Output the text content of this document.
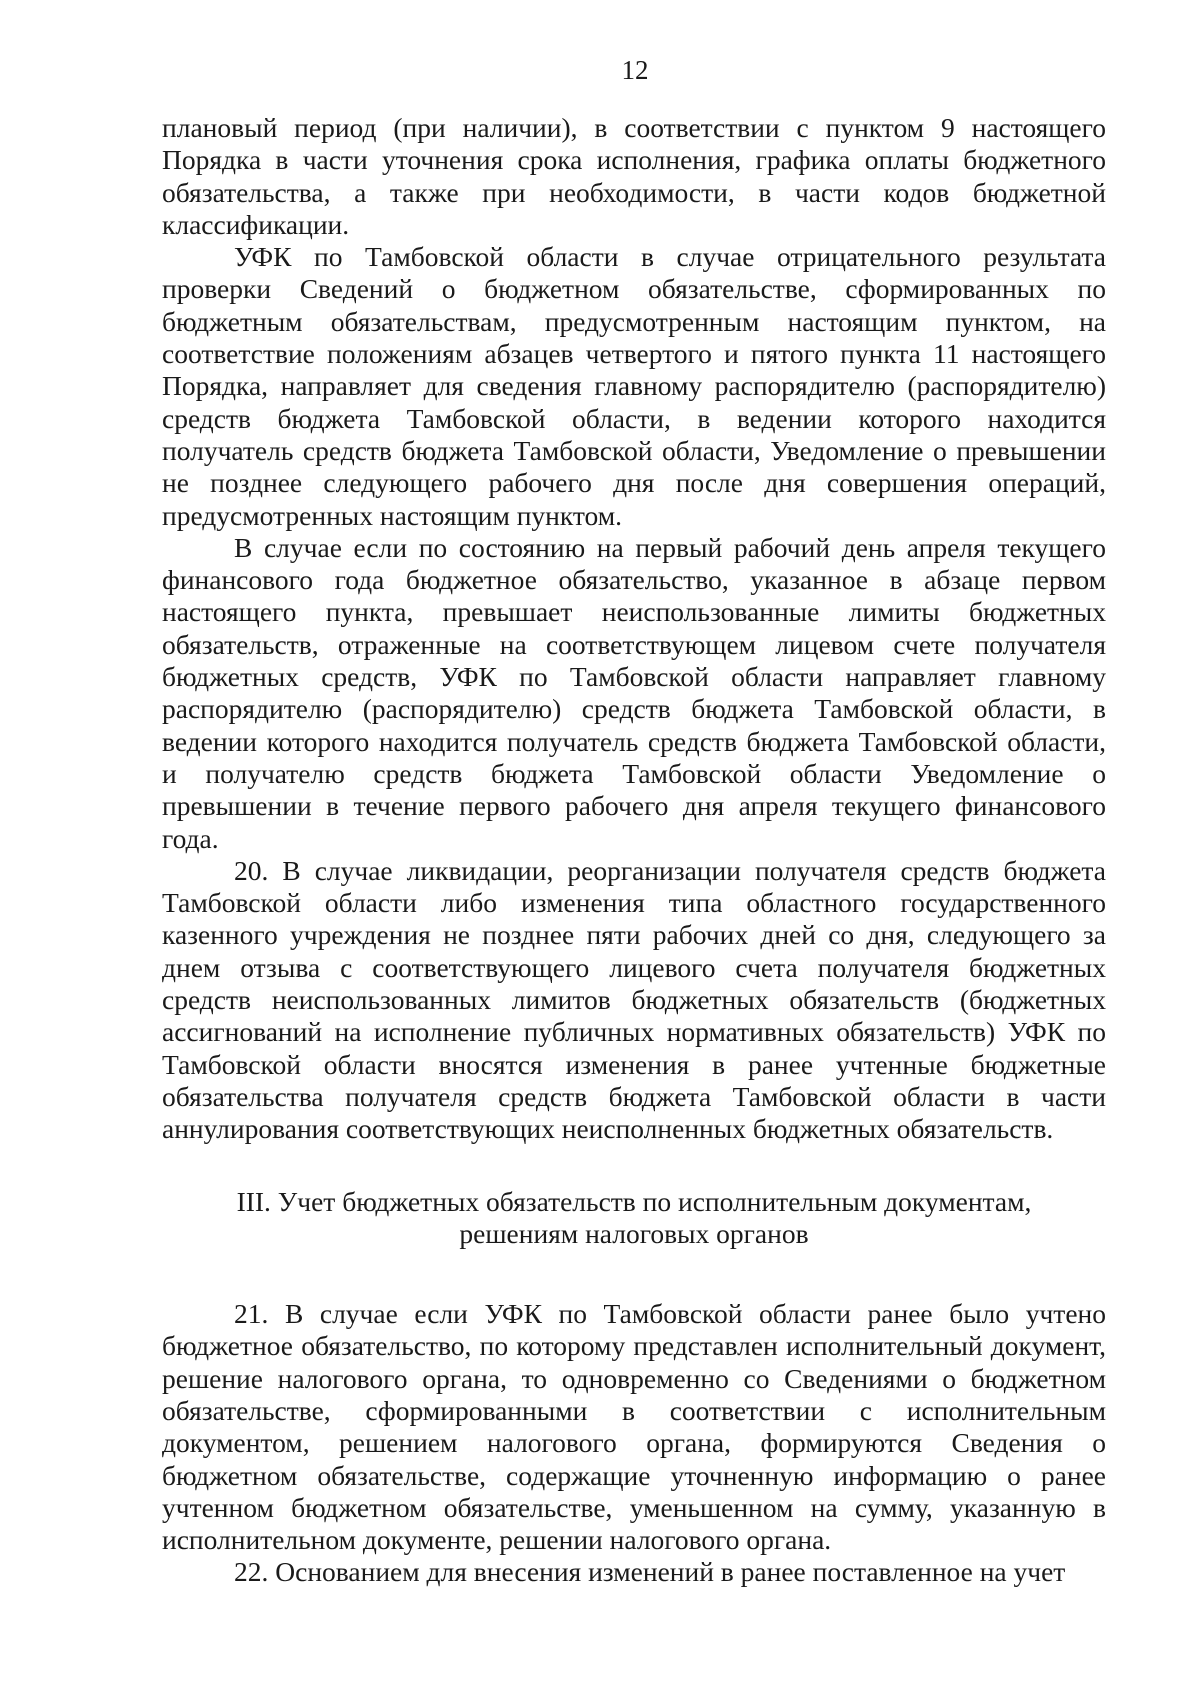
12

плановый период (при наличии), в соответствии с пунктом 9 настоящего Порядка в части уточнения срока исполнения, графика оплаты бюджетного обязательства, а также при необходимости, в части кодов бюджетной классификации.

УФК по Тамбовской области в случае отрицательного результата проверки Сведений о бюджетном обязательстве, сформированных по бюджетным обязательствам, предусмотренным настоящим пунктом, на соответствие положениям абзацев четвертого и пятого пункта 11 настоящего Порядка, направляет для сведения главному распорядителю (распорядителю) средств бюджета Тамбовской области, в ведении которого находится получатель средств бюджета Тамбовской области, Уведомление о превышении не позднее следующего рабочего дня после дня совершения операций, предусмотренных настоящим пунктом.

В случае если по состоянию на первый рабочий день апреля текущего финансового года бюджетное обязательство, указанное в абзаце первом настоящего пункта, превышает неиспользованные лимиты бюджетных обязательств, отраженные на соответствующем лицевом счете получателя бюджетных средств, УФК по Тамбовской области направляет главному распорядителю (распорядителю) средств бюджета Тамбовской области, в ведении которого находится получатель средств бюджета Тамбовской области, и получателю средств бюджета Тамбовской области Уведомление о превышении в течение первого рабочего дня апреля текущего финансового года.

20. В случае ликвидации, реорганизации получателя средств бюджета Тамбовской области либо изменения типа областного государственного казенного учреждения не позднее пяти рабочих дней со дня, следующего за днем отзыва с соответствующего лицевого счета получателя бюджетных средств неиспользованных лимитов бюджетных обязательств (бюджетных ассигнований на исполнение публичных нормативных обязательств) УФК по Тамбовской области вносятся изменения в ранее учтенные бюджетные обязательства получателя средств бюджета Тамбовской области в части аннулирования соответствующих неисполненных бюджетных обязательств.

III. Учет бюджетных обязательств по исполнительным документам,
решениям налоговых органов

21. В случае если УФК по Тамбовской области ранее было учтено бюджетное обязательство, по которому представлен исполнительный документ, решение налогового органа, то одновременно со Сведениями о бюджетном обязательстве, сформированными в соответствии с исполнительным документом, решением налогового органа, формируются Сведения о бюджетном обязательстве, содержащие уточненную информацию о ранее учтенном бюджетном обязательстве, уменьшенном на сумму, указанную в исполнительном документе, решении налогового органа.

22. Основанием для внесения изменений в ранее поставленное на учет
